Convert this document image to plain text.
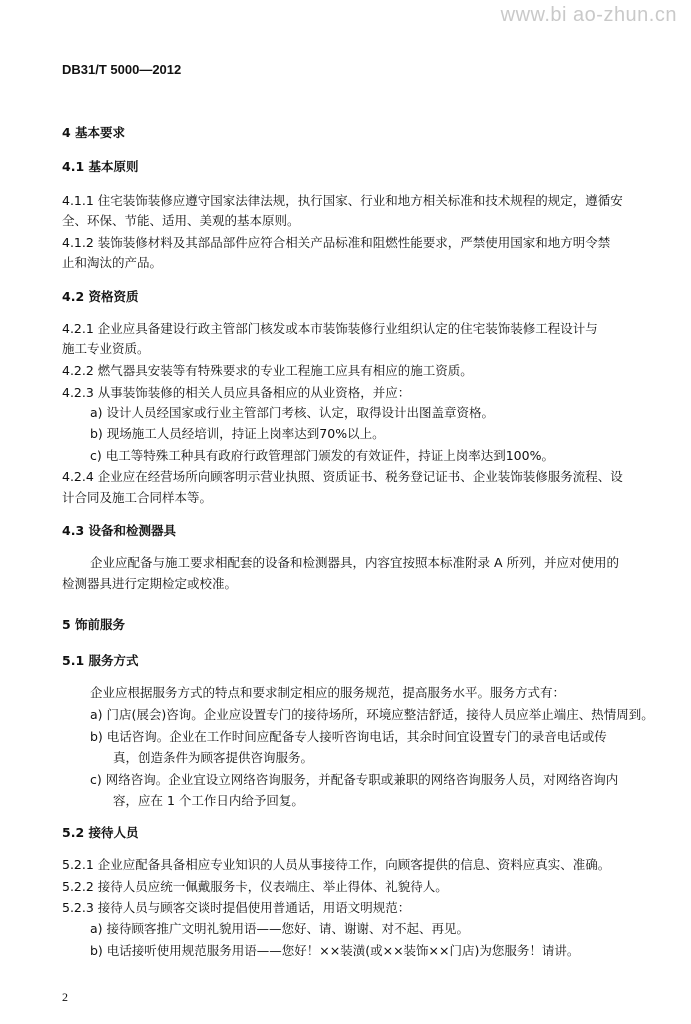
www.bi ao-zhun.cn
DB31/T 5000—2012
4 基本要求
4.1 基本原则
4.1.1 住宅装饰装修应遵守国家法律法规，执行国家、行业和地方相关标准和技术规程的规定，遵循安
全、环保、节能、适用、美观的基本原则。
4.1.2 装饰装修材料及其部品部件应符合相关产品标准和阻燃性能要求，严禁使用国家和地方明令禁
止和淘汰的产品。
4.2 资格资质
4.2.1 企业应具备建设行政主管部门核发或本市装饰装修行业组织认定的住宅装饰装修工程设计与
施工专业资质。
4.2.2 燃气器具安装等有特殊要求的专业工程施工应具有相应的施工资质。
4.2.3 从事装饰装修的相关人员应具备相应的从业资格，并应：
a) 设计人员经国家或行业主管部门考核、认定，取得设计出图盖章资格。
b) 现场施工人员经培训，持证上岗率达到70%以上。
c) 电工等特殊工种具有政府行政管理部门颁发的有效证件，持证上岗率达到100%。
4.2.4 企业应在经营场所向顾客明示营业执照、资质证书、税务登记证书、企业装饰装修服务流程、设
计合同及施工合同样本等。
4.3 设备和检测器具
企业应配备与施工要求相配套的设备和检测器具，内容宜按照本标准附录 A 所列，并应对使用的
检测器具进行定期检定或校准。
5 饰前服务
5.1 服务方式
企业应根据服务方式的特点和要求制定相应的服务规范，提高服务水平。服务方式有：
a) 门店(展会)咨询。企业应设置专门的接待场所，环境应整洁舒适，接待人员应举止端庄、热情周到。
b) 电话咨询。企业在工作时间应配备专人接听咨询电话，其余时间宜设置专门的录音电话或传
真，创造条件为顾客提供咨询服务。
c) 网络咨询。企业宜设立网络咨询服务，并配备专职或兼职的网络咨询服务人员，对网络咨询内
容，应在 1 个工作日内给予回复。
5.2 接待人员
5.2.1 企业应配备具备相应专业知识的人员从事接待工作，向顾客提供的信息、资料应真实、准确。
5.2.2 接待人员应统一佩戴服务卡，仪表端庄、举止得体、礼貌待人。
5.2.3 接待人员与顾客交谈时提倡使用普通话，用语文明规范：
a) 接待顾客推广文明礼貌用语——您好、请、谢谢、对不起、再见。
b) 电话接听使用规范服务用语——您好！××装潢(或××装饰××门店)为您服务！请讲。
2
